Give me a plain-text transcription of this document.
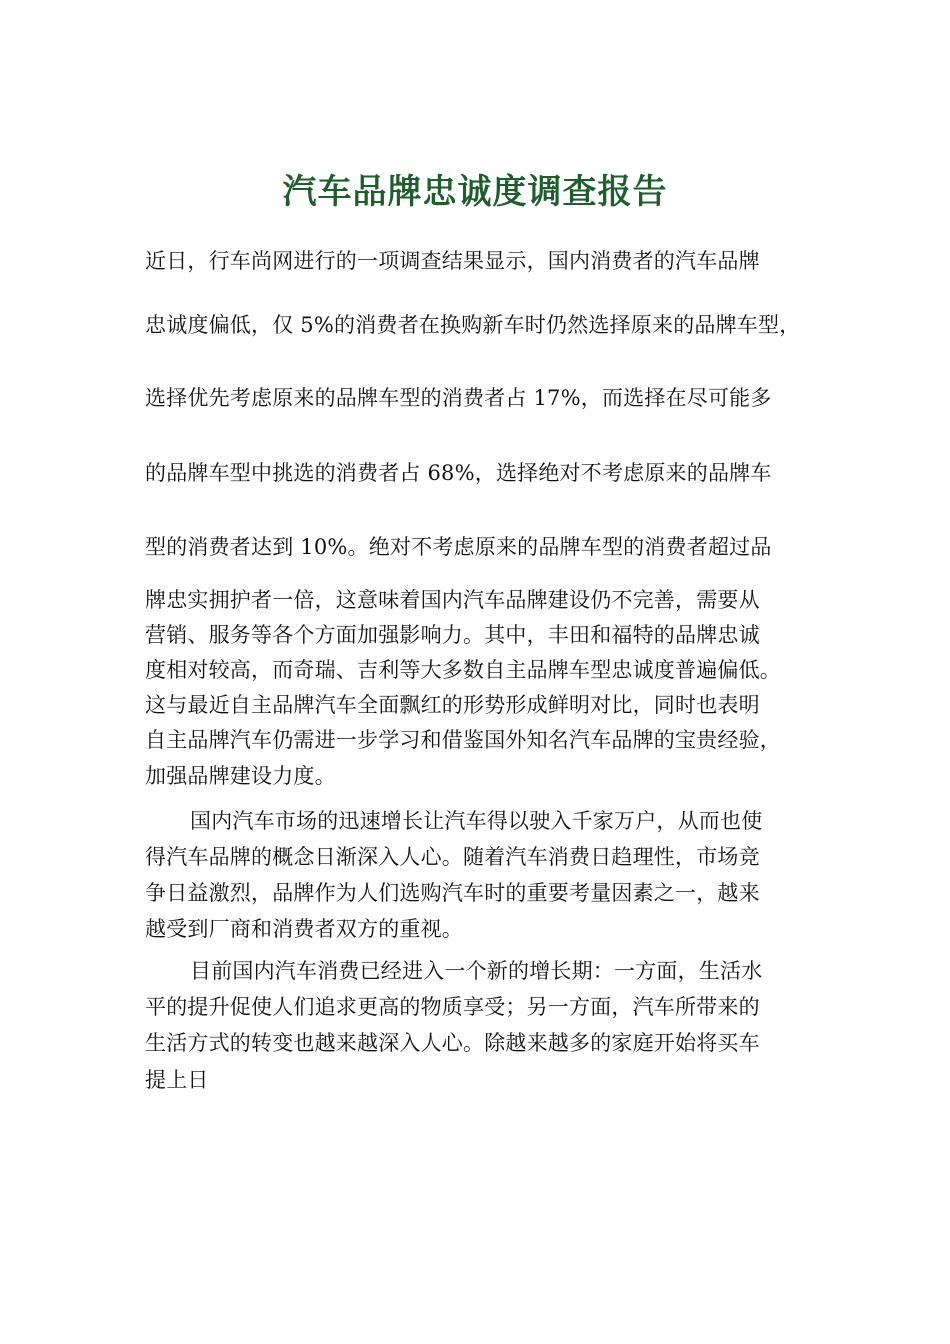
汽车品牌忠诚度调查报告
近日，行车尚网进行的一项调查结果显示，国内消费者的汽车品牌
忠诚度偏低，仅 5%的消费者在换购新车时仍然选择原来的品牌车型，
选择优先考虑原来的品牌车型的消费者占 17%，而选择在尽可能多
的品牌车型中挑选的消费者占 68%，选择绝对不考虑原来的品牌车
型的消费者达到 10%。绝对不考虑原来的品牌车型的消费者超过品
牌忠实拥护者一倍，这意味着国内汽车品牌建设仍不完善，需要从
营销、服务等各个方面加强影响力。其中，丰田和福特的品牌忠诚
度相对较高，而奇瑞、吉利等大多数自主品牌车型忠诚度普遍偏低。
这与最近自主品牌汽车全面飘红的形势形成鲜明对比，同时也表明
自主品牌汽车仍需进一步学习和借鉴国外知名汽车品牌的宝贵经验，
加强品牌建设力度。
国内汽车市场的迅速增长让汽车得以驶入千家万户，从而也使
得汽车品牌的概念日渐深入人心。随着汽车消费日趋理性，市场竞
争日益激烈，品牌作为人们选购汽车时的重要考量因素之一，越来
越受到厂商和消费者双方的重视。
目前国内汽车消费已经进入一个新的增长期：一方面，生活水
平的提升促使人们追求更高的物质享受；另一方面，汽车所带来的
生活方式的转变也越来越深入人心。除越来越多的家庭开始将买车
提上日
